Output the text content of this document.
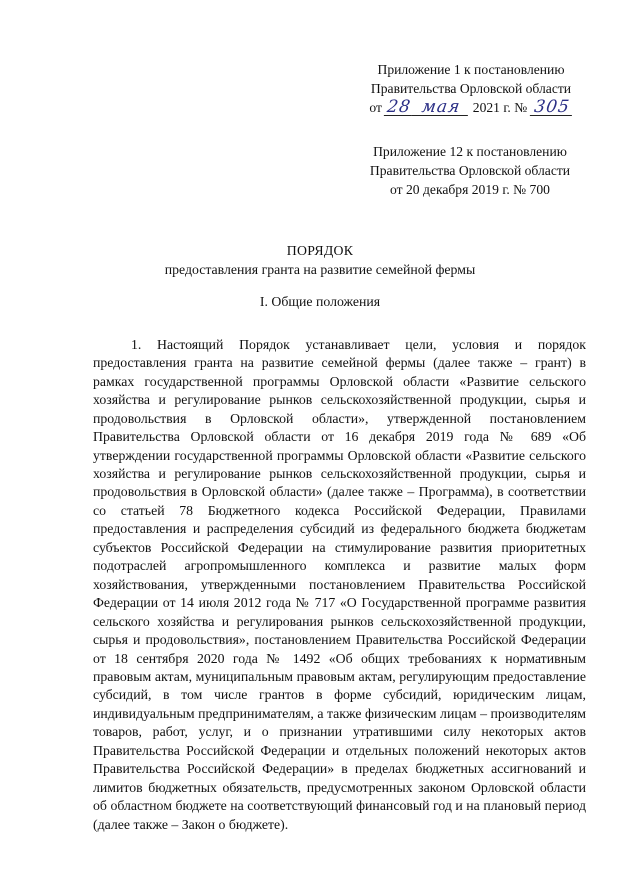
Приложение 1 к постановлению
Правительства Орловской области
от 28 мая 2021 г. № 305
Приложение 12 к постановлению
Правительства Орловской области
от 20 декабря 2019 г. № 700
ПОРЯДОК
предоставления гранта на развитие семейной фермы
I. Общие положения

1. Настоящий Порядок устанавливает цели, условия и порядок предоставления гранта на развитие семейной фермы (далее также – грант) в рамках государственной программы Орловской области «Развитие сельского хозяйства и регулирование рынков сельскохозяйственной продукции, сырья и продовольствия в Орловской области», утвержденной постановлением Правительства Орловской области от 16 декабря 2019 года № 689 «Об утверждении государственной программы Орловской области «Развитие сельского хозяйства и регулирование рынков сельскохозяйственной продукции, сырья и продовольствия в Орловской области» (далее также – Программа), в соответствии со статьей 78 Бюджетного кодекса Российской Федерации, Правилами предоставления и распределения субсидий из федерального бюджета бюджетам субъектов Российской Федерации на стимулирование развития приоритетных подотраслей агропромышленного комплекса и развитие малых форм хозяйствования, утвержденными постановлением Правительства Российской Федерации от 14 июля 2012 года № 717 «О Государственной программе развития сельского хозяйства и регулирования рынков сельскохозяйственной продукции, сырья и продовольствия», постановлением Правительства Российской Федерации от 18 сентября 2020 года № 1492 «Об общих требованиях к нормативным правовым актам, муниципальным правовым актам, регулирующим предоставление субсидий, в том числе грантов в форме субсидий, юридическим лицам, индивидуальным предпринимателям, а также физическим лицам – производителям товаров, работ, услуг, и о признании утратившими силу некоторых актов Правительства Российской Федерации и отдельных положений некоторых актов Правительства Российской Федерации» в пределах бюджетных ассигнований и лимитов бюджетных обязательств, предусмотренных законом Орловской области об областном бюджете на соответствующий финансовый год и на плановый период (далее также – Закон о бюджете).
